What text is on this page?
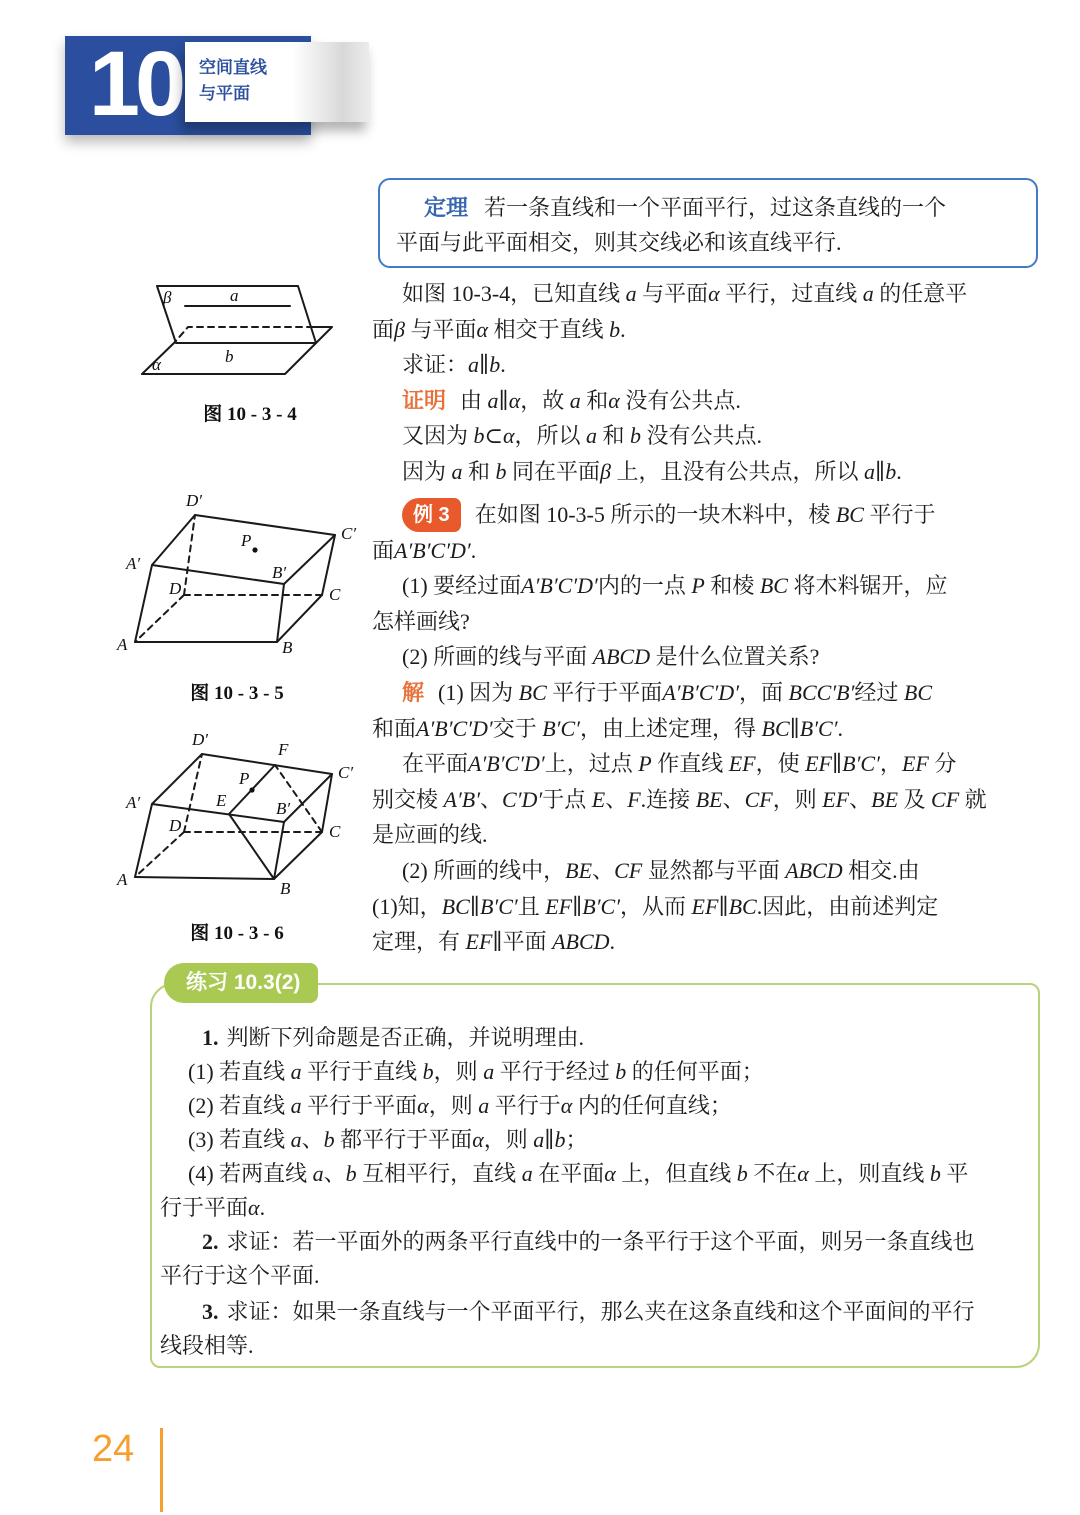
10	空间直线
与平面
定理 若一条直线和一个平面平行，过这条直线的一个
平面与此平面相交，则其交线必和该直线平行.
β	a
α	b
图 10 - 3 - 4
D′
C′
A′	B′
P
D	C
A	B
图 10 - 3 - 5
D′
F
C′
A′	E	B′
P
D	C
A	B
图 10 - 3 - 6
如图 10-3-4，已知直线 a 与平面α 平行，过直线 a 的任意平
面β 与平面α 相交于直线 b.
求证：a∥b.
证明 由 a∥α，故 a 和α 没有公共点.
又因为 b⊂α，所以 a 和 b 没有公共点.
因为 a 和 b 同在平面β 上，且没有公共点，所以 a∥b.
例 3 在如图 10-3-5 所示的一块木料中，棱 BC 平行于
面A′B′C′D′.
(1) 要经过面A′B′C′D′内的一点 P 和棱 BC 将木料锯开，应
怎样画线?
(2) 所画的线与平面 ABCD 是什么位置关系?
解 (1) 因为 BC 平行于平面A′B′C′D′，面 BCC′B′经过 BC
和面A′B′C′D′交于 B′C′，由上述定理，得 BC∥B′C′.
在平面A′B′C′D′上，过点 P 作直线 EF，使 EF∥B′C′，EF 分
别交棱 A′B′、C′D′于点 E、F.连接 BE、CF，则 EF、BE 及 CF 就
是应画的线.
(2) 所画的线中，BE、CF 显然都与平面 ABCD 相交.由
(1)知，BC∥B′C′且 EF∥B′C′，从而 EF∥BC.因此，由前述判定
定理，有 EF∥平面 ABCD.
练习 10.3(2)
1. 判断下列命题是否正确，并说明理由.
(1) 若直线 a 平行于直线 b，则 a 平行于经过 b 的任何平面；
(2) 若直线 a 平行于平面α，则 a 平行于α 内的任何直线；
(3) 若直线 a、b 都平行于平面α，则 a∥b；
(4) 若两直线 a、b 互相平行，直线 a 在平面α 上，但直线 b 不在α 上，则直线 b 平
行于平面α.
2. 求证：若一平面外的两条平行直线中的一条平行于这个平面，则另一条直线也
平行于这个平面.
3. 求证：如果一条直线与一个平面平行，那么夹在这条直线和这个平面间的平行
线段相等.
24
